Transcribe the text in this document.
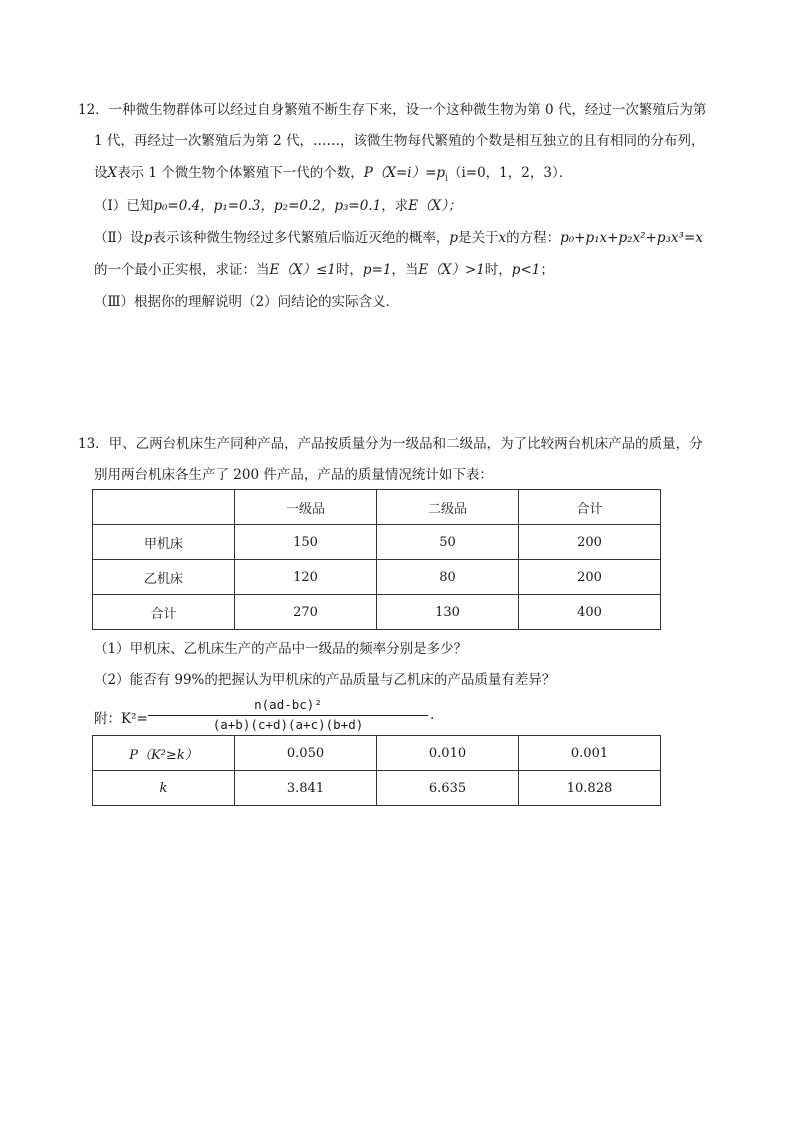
12．一种微生物群体可以经过自身繁殖不断生存下来，设一个这种微生物为第 0 代，经过一次繁殖后为第
1 代，再经过一次繁殖后为第 2 代，……，该微生物每代繁殖的个数是相互独立的且有相同的分布列，
设X表示 1 个微生物个体繁殖下一代的个数，$P(X=i)=p_i(i=0$，1，2，3）．
（Ⅰ）已知p₀=0.4，p₁=0.3，p₂=0.2，p₃=0.1，求E（X）；
（Ⅱ）设p表示该种微生物经过多代繁殖后临近灭绝的概率，p是关于x的方程：p₀+p₁x+p₂x²+p₃x³=x
的一个最小正实根，求证：当E（X）≤1时，p=1，当E（X）>1时，p<1；
（Ⅲ）根据你的理解说明（2）问结论的实际含义．
13．甲、乙两台机床生产同种产品，产品按质量分为一级品和二级品，为了比较两台机床产品的质量，分
别用两台机床各生产了 200 件产品，产品的质量情况统计如下表：
	一级品	二级品	合计
甲机床	150	50	200
乙机床	120	80	200
合计	270	130	400
（1）甲机床、乙机床生产的产品中一级品的频率分别是多少？
（2）能否有 99%的把握认为甲机床的产品质量与乙机床的产品质量有差异？
附：K²=
n(ad-bc)²
(a+b)(c+d)(a+c)(b+d)
.
P（K²≥k）	0.050	0.010	0.001
k	3.841	6.635	10.828
